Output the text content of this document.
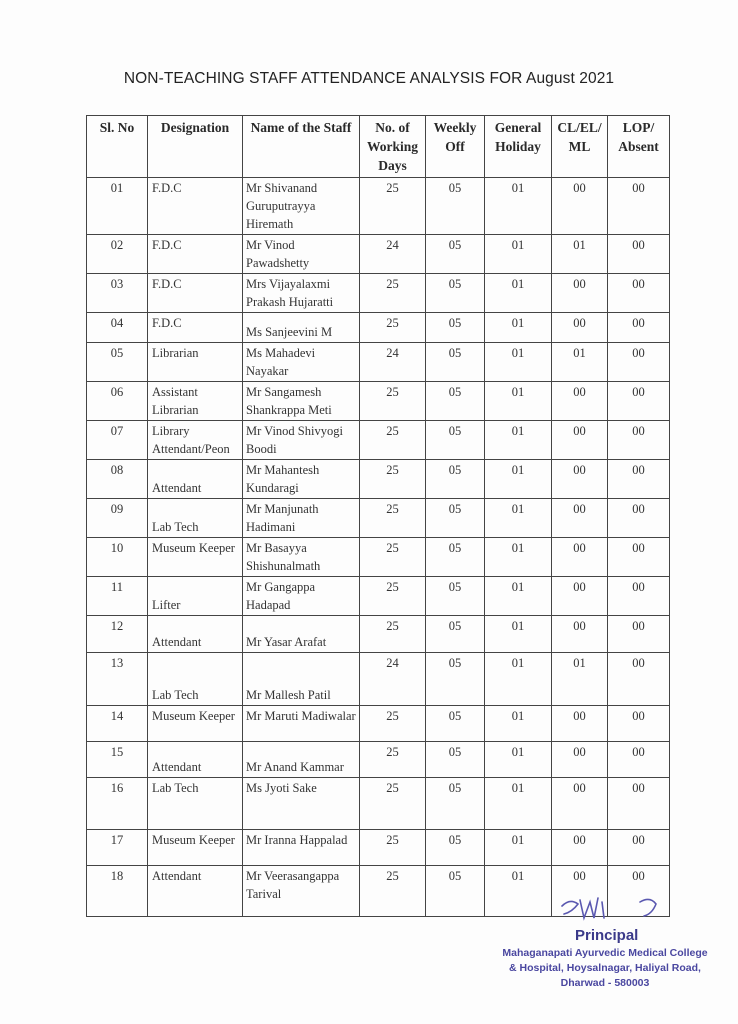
NON-TEACHING STAFF ATTENDANCE ANALYSIS FOR August 2021
Sl. No	Designation	Name of the Staff	No. of Working Days	Weekly Off	General Holiday	CL/EL/ ML	LOP/ Absent
01	F.D.C	Mr Shivanand Guruputrayya Hiremath	25	05	01	00	00
02	F.D.C	Mr Vinod Pawadshetty	24	05	01	01	00
03	F.D.C	Mrs Vijayalaxmi Prakash Hujaratti	25	05	01	00	00
04	F.D.C	Ms Sanjeevini M	25	05	01	00	00
05	Librarian	Ms Mahadevi Nayakar	24	05	01	01	00
06	Assistant Librarian	Mr Sangamesh Shankrappa Meti	25	05	01	00	00
07	Library Attendant/Peon	Mr Vinod Shivyogi Boodi	25	05	01	00	00
08	Attendant	Mr Mahantesh Kundaragi	25	05	01	00	00
09	Lab Tech	Mr Manjunath Hadimani	25	05	01	00	00
10	Museum Keeper	Mr Basayya Shishunalmath	25	05	01	00	00
11	Lifter	Mr Gangappa Hadapad	25	05	01	00	00
12	Attendant	Mr Yasar Arafat	25	05	01	00	00
13	Lab Tech	Mr Mallesh Patil	24	05	01	01	00
14	Museum Keeper	Mr Maruti Madiwalar	25	05	01	00	00
15	Attendant	Mr Anand Kammar	25	05	01	00	00
16	Lab Tech	Ms Jyoti Sake	25	05	01	00	00
17	Museum Keeper	Mr Iranna Happalad	25	05	01	00	00
18	Attendant	Mr Veerasangappa Tarival	25	05	01	00	00
Principal
Mahaganapati Ayurvedic Medical College
& Hospital, Hoysalnagar, Haliyal Road,
Dharwad - 580003
